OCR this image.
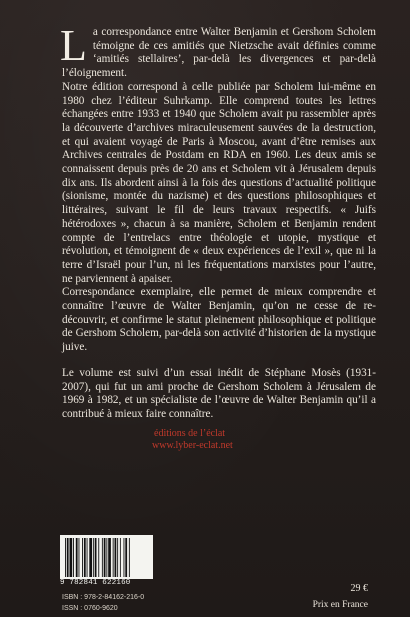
La correspondance entre Walter Benjamin et Gershom Scholem témoigne de ces amitiés que Nietzsche avait définies comme ‘amitiés stellaires’, par-delà les divergences et par-delà l’éloignement.

Notre édition correspond à celle publiée par Scholem lui-même en 1980 chez l’éditeur Suhrkamp. Elle comprend toutes les lettres échangées entre 1933 et 1940 que Scholem avait pu rassembler après la découverte d’archives miraculeusement sauvées de la destruction, et qui avaient voyagé de Paris à Moscou, avant d’être remises aux Archives centrales de Postdam en RDA en 1960. Les deux amis se connaissent depuis près de 20 ans et Scholem vit à Jérusalem depuis dix ans. Ils abordent ainsi à la fois des questions d’actualité politique (sionisme, montée du nazisme) et des questions philosophiques et littéraires, suivant le fil de leurs travaux respectifs. « Juifs hétérodoxes », chacun à sa manière, Scholem et Benjamin rendent compte de l’entrelacs entre théologie et utopie, mystique et révolution, et témoignent de « deux expériences de l’exil », que ni la terre d’Israël pour l’un, ni les fréquentations marxistes pour l’autre, ne parviennent à apaiser.

Correspondance exemplaire, elle permet de mieux comprendre et connaître l’œuvre de Walter Benjamin, qu’on ne cesse de re-découvrir, et confirme le statut pleinement philosophique et politique de Gershom Scholem, par-delà son activité d’historien de la mystique juive.

Le volume est suivi d’un essai inédit de Stéphane Mosès (1931-2007), qui fut un ami proche de Gershom Scholem à Jérusalem de 1969 à 1982, et un spécialiste de l’œuvre de Walter Benjamin qu’il a contribué à mieux faire connaître.

éditions de l’éclat
www.lyber-eclat.net
9 782841 622160
ISBN : 978-2-84162-216-0
ISSN : 0760-9620
29 €
Prix en France
